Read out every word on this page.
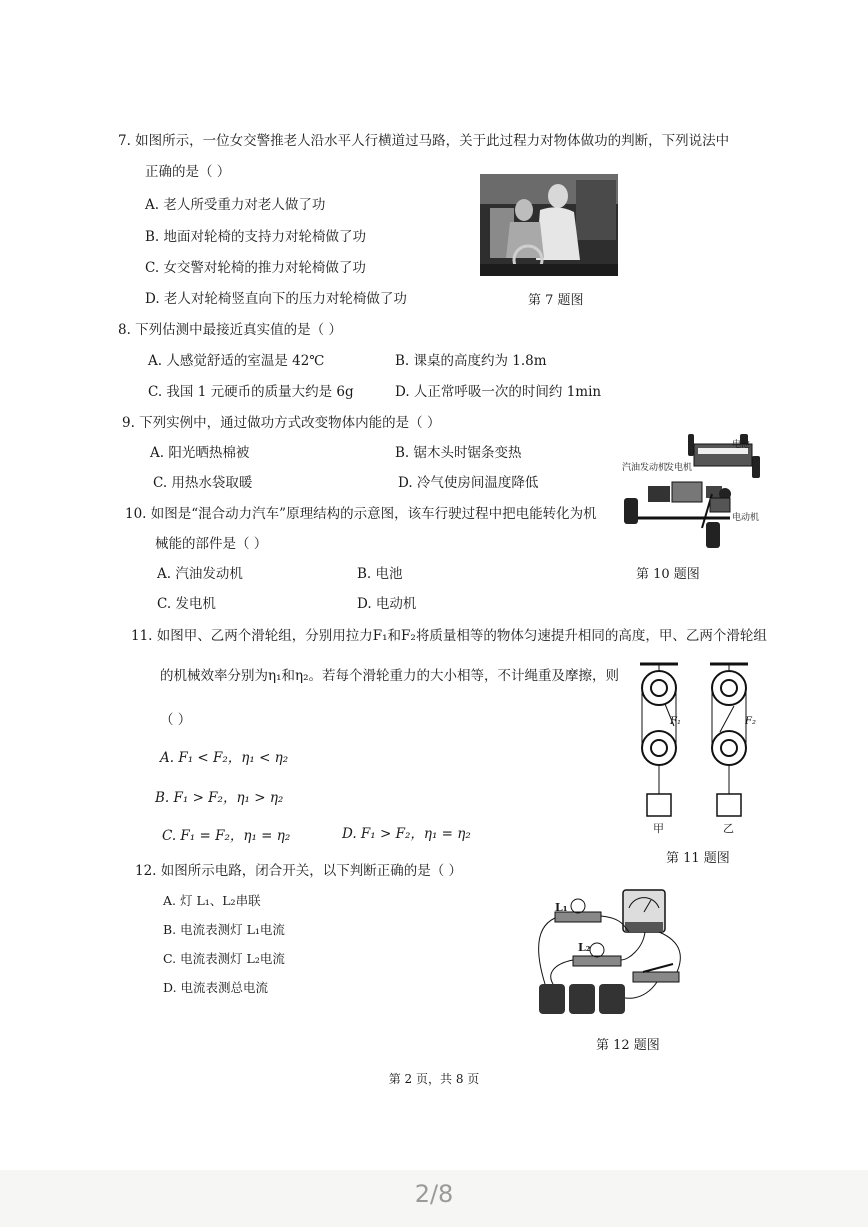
7. 如图所示，一位女交警推老人沿水平人行横道过马路，关于此过程力对物体做功的判断，下列说法中
正确的是（ ）
A. 老人所受重力对老人做了功
B. 地面对轮椅的支持力对轮椅做了功
C. 女交警对轮椅的推力对轮椅做了功
D. 老人对轮椅竖直向下的压力对轮椅做了功	第 7 题图
8. 下列估测中最接近真实值的是（ ）
A. 人感觉舒适的室温是 42℃	B. 课桌的高度约为 1.8m
C. 我国 1 元硬币的质量大约是 6g	D. 人正常呼吸一次的时间约 1min
9. 下列实例中，通过做功方式改变物体内能的是（ ）
A. 阳光晒热棉被	B. 锯木头时锯条变热
C. 用热水袋取暖	D. 冷气使房间温度降低
10. 如图是“混合动力汽车”原理结构的示意图，该车行驶过程中把电能转化为机
械能的部件是（ ）
A. 汽油发动机	B. 电池
C. 发电机	D. 电动机
电池
汽油发动机
发电机
电动机
第 10 题图
11. 如图甲、乙两个滑轮组，分别用拉力F₁和F₂将质量相等的物体匀速提升相同的高度，甲、乙两个滑轮组
的机械效率分别为η₁和η₂。若每个滑轮重力的大小相等，不计绳重及摩擦，则
（ ）
A. F₁ < F₂，η₁ < η₂
B. F₁ > F₂，η₁ > η₂
C. F₁ = F₂，η₁ = η₂	D. F₁ > F₂，η₁ = η₂
F₁	F₂
甲	乙
第 11 题图
12. 如图所示电路，闭合开关，以下判断正确的是（ ）
A. 灯 L₁、L₂串联
B. 电流表测灯 L₁电流
C. 电流表测灯 L₂电流
D. 电流表测总电流
L₁
L₂
第 12 题图
第 2 页，共 8 页
2/8
